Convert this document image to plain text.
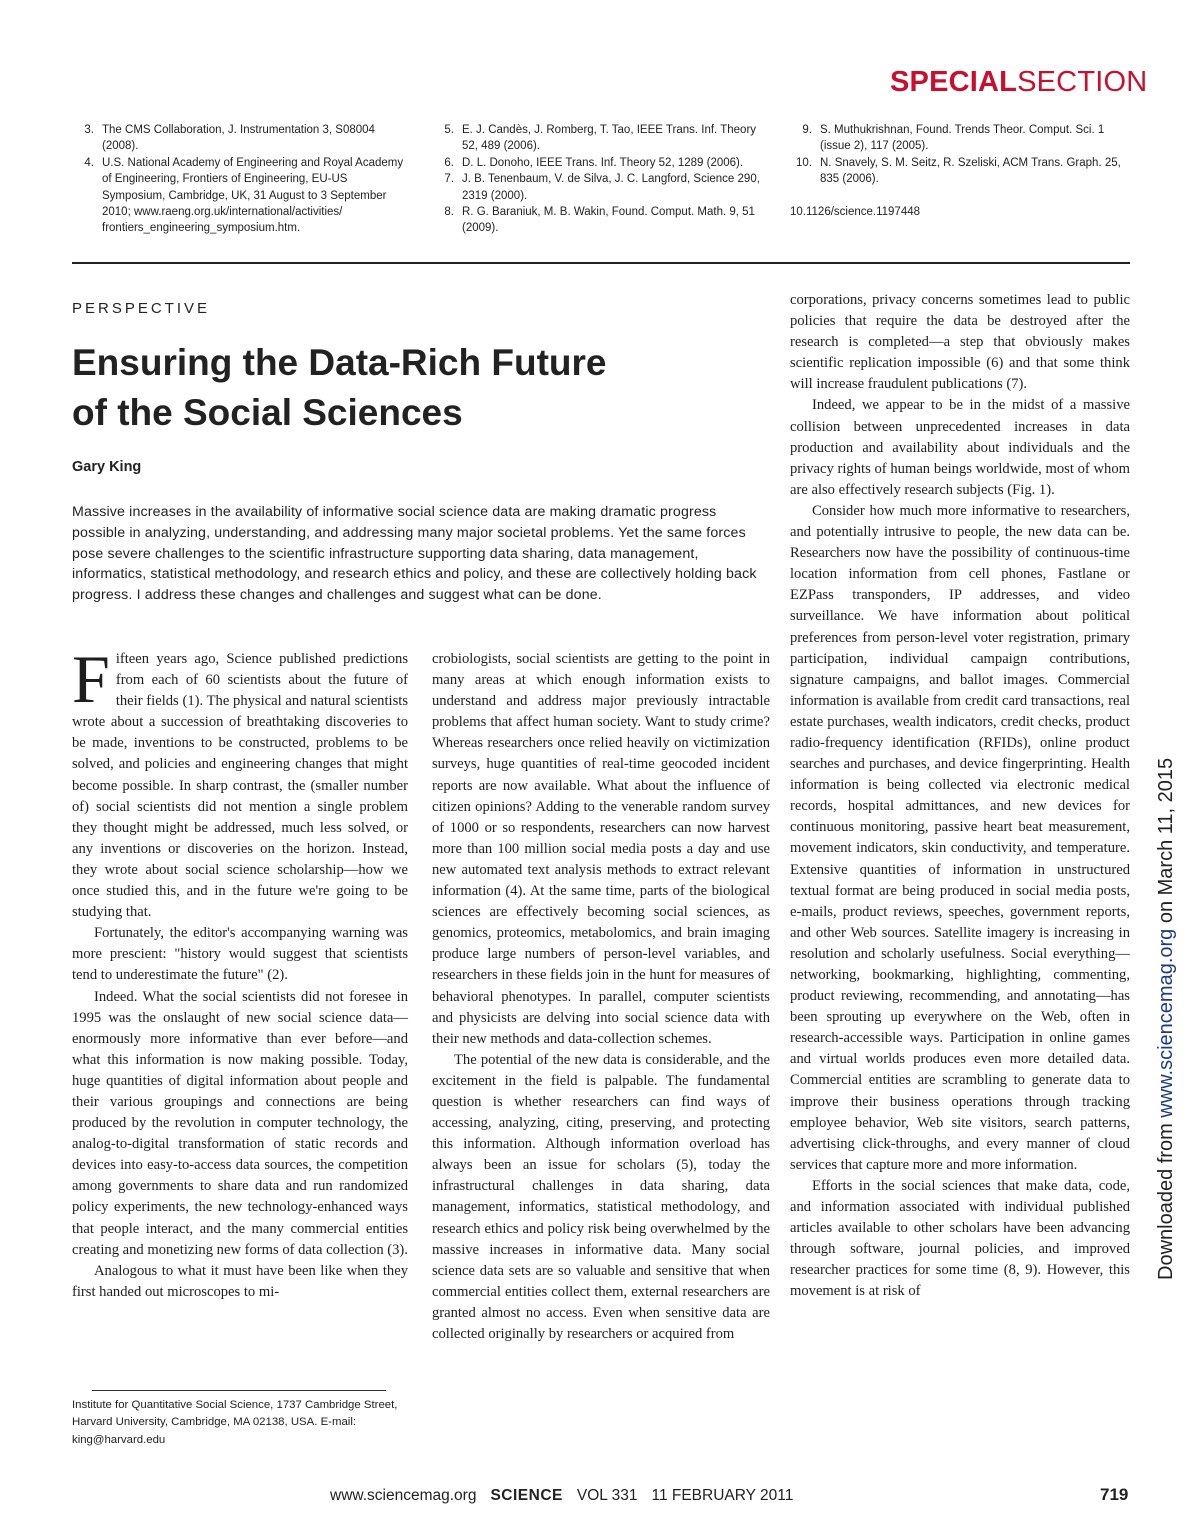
SPECIALSECTION
3. The CMS Collaboration, J. Instrumentation 3, S08004 (2008).
4. U.S. National Academy of Engineering and Royal Academy of Engineering, Frontiers of Engineering, EU-US Symposium, Cambridge, UK, 31 August to 3 September 2010; www.raeng.org.uk/international/activities/ frontiers_engineering_symposium.htm.
5. E. J. Candès, J. Romberg, T. Tao, IEEE Trans. Inf. Theory 52, 489 (2006).
6. D. L. Donoho, IEEE Trans. Inf. Theory 52, 1289 (2006).
7. J. B. Tenenbaum, V. de Silva, J. C. Langford, Science 290, 2319 (2000).
8. R. G. Baraniuk, M. B. Wakin, Found. Comput. Math. 9, 51 (2009).
9. S. Muthukrishnan, Found. Trends Theor. Comput. Sci. 1 (issue 2), 117 (2005).
10. N. Snavely, S. M. Seitz, R. Szeliski, ACM Trans. Graph. 25, 835 (2006).
10.1126/science.1197448
PERSPECTIVE
Ensuring the Data-Rich Future
of the Social Sciences
Gary King
Massive increases in the availability of informative social science data are making dramatic progress possible in analyzing, understanding, and addressing many major societal problems. Yet the same forces pose severe challenges to the scientific infrastructure supporting data sharing, data management, informatics, statistical methodology, and research ethics and policy, and these are collectively holding back progress. I address these changes and challenges and suggest what can be done.

Fifteen years ago, Science published predictions from each of 60 scientists about the future of their fields (1). The physical and natural scientists wrote about a succession of breathtaking discoveries to be made, inventions to be constructed, problems to be solved, and policies and engineering changes that might become possible. In sharp contrast, the (smaller number of) social scientists did not mention a single problem they thought might be addressed, much less solved, or any inventions or discoveries on the horizon. Instead, they wrote about social science scholarship—how we once studied this, and in the future we're going to be studying that.

Fortunately, the editor's accompanying warning was more prescient: "history would suggest that scientists tend to underestimate the future" (2).

Indeed. What the social scientists did not foresee in 1995 was the onslaught of new social science data—enormously more informative than ever before—and what this information is now making possible. Today, huge quantities of digital information about people and their various groupings and connections are being produced by the revolution in computer technology, the analog-to-digital transformation of static records and devices into easy-to-access data sources, the competition among governments to share data and run randomized policy experiments, the new technology-enhanced ways that people interact, and the many commercial entities creating and monetizing new forms of data collection (3).

Analogous to what it must have been like when they first handed out microscopes to mi-

crobiologists, social scientists are getting to the point in many areas at which enough information exists to understand and address major previously intractable problems that affect human society. Want to study crime? Whereas researchers once relied heavily on victimization surveys, huge quantities of real-time geocoded incident reports are now available. What about the influence of citizen opinions? Adding to the venerable random survey of 1000 or so respondents, researchers can now harvest more than 100 million social media posts a day and use new automated text analysis methods to extract relevant information (4). At the same time, parts of the biological sciences are effectively becoming social sciences, as genomics, proteomics, metabolomics, and brain imaging produce large numbers of person-level variables, and researchers in these fields join in the hunt for measures of behavioral phenotypes. In parallel, computer scientists and physicists are delving into social science data with their new methods and data-collection schemes.

The potential of the new data is considerable, and the excitement in the field is palpable. The fundamental question is whether researchers can find ways of accessing, analyzing, citing, preserving, and protecting this information. Although information overload has always been an issue for scholars (5), today the infrastructural challenges in data sharing, data management, informatics, statistical methodology, and research ethics and policy risk being overwhelmed by the massive increases in informative data. Many social science data sets are so valuable and sensitive that when commercial entities collect them, external researchers are granted almost no access. Even when sensitive data are collected originally by researchers or acquired from

corporations, privacy concerns sometimes lead to public policies that require the data be destroyed after the research is completed—a step that obviously makes scientific replication impossible (6) and that some think will increase fraudulent publications (7).

Indeed, we appear to be in the midst of a massive collision between unprecedented increases in data production and availability about individuals and the privacy rights of human beings worldwide, most of whom are also effectively research subjects (Fig. 1).

Consider how much more informative to researchers, and potentially intrusive to people, the new data can be. Researchers now have the possibility of continuous-time location information from cell phones, Fastlane or EZPass transponders, IP addresses, and video surveillance. We have information about political preferences from person-level voter registration, primary participation, individual campaign contributions, signature campaigns, and ballot images. Commercial information is available from credit card transactions, real estate purchases, wealth indicators, credit checks, product radio-frequency identification (RFIDs), online product searches and purchases, and device fingerprinting. Health information is being collected via electronic medical records, hospital admittances, and new devices for continuous monitoring, passive heart beat measurement, movement indicators, skin conductivity, and temperature. Extensive quantities of information in unstructured textual format are being produced in social media posts, e-mails, product reviews, speeches, government reports, and other Web sources. Satellite imagery is increasing in resolution and scholarly usefulness. Social everything—networking, bookmarking, highlighting, commenting, product reviewing, recommending, and annotating—has been sprouting up everywhere on the Web, often in research-accessible ways. Participation in online games and virtual worlds produces even more detailed data. Commercial entities are scrambling to generate data to improve their business operations through tracking employee behavior, Web site visitors, search patterns, advertising click-throughs, and every manner of cloud services that capture more and more information.

Efforts in the social sciences that make data, code, and information associated with individual published articles available to other scholars have been advancing through software, journal policies, and improved researcher practices for some time (8, 9). However, this movement is at risk of

Institute for Quantitative Social Science, 1737 Cambridge Street, Harvard University, Cambridge, MA 02138, USA. E-mail: king@harvard.edu
www.sciencemag.org SCIENCE VOL 331 11 FEBRUARY 2011	719
Downloaded from www.sciencemag.org on March 11, 2015
